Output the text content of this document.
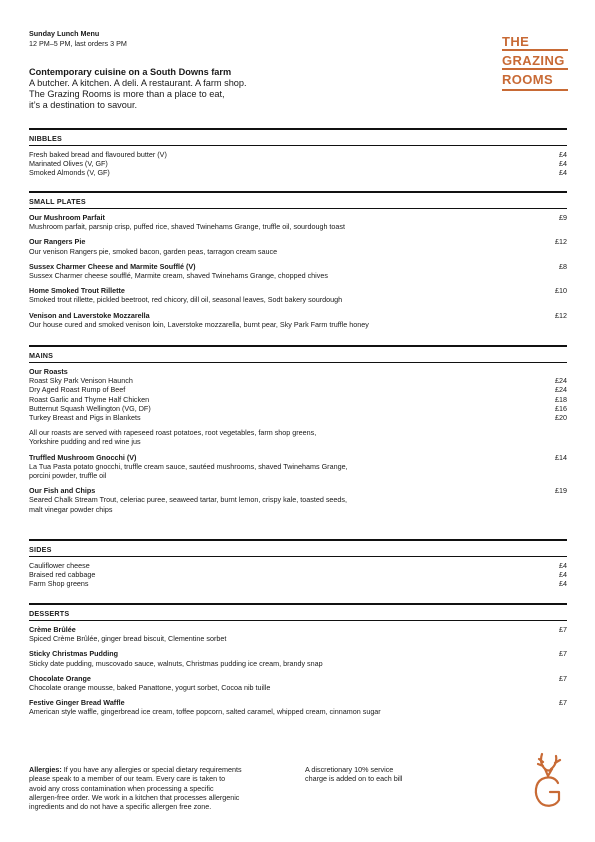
Sunday Lunch Menu
12 PM–5 PM, last orders 3 PM
Contemporary cuisine on a South Downs farm
A butcher. A kitchen. A deli. A restaurant. A farm shop.
The Grazing Rooms is more than a place to eat,
it’s a destination to savour.
THE
GRAZING
ROOMS
NIBBLES
Fresh baked bread and flavoured butter (V)	£4
Marinated Olives (V, GF)	£4
Smoked Almonds (V, GF)	£4
SMALL PLATES
Our Mushroom Parfait	£9
Mushroom parfait, parsnip crisp, puffed rice, shaved Twinehams Grange, truffle oil, sourdough toast
Our Rangers Pie	£12
Our venison Rangers pie, smoked bacon, garden peas, tarragon cream sauce
Sussex Charmer Cheese and Marmite Soufflé (V)	£8
Sussex Charmer cheese soufflé, Marmite cream, shaved Twinehams Grange, chopped chives
Home Smoked Trout Rillette	£10
Smoked trout rillette, pickled beetroot, red chicory, dill oil, seasonal leaves, Sodt bakery sourdough
Venison and Laverstoke Mozzarella	£12
Our house cured and smoked venison loin, Laverstoke mozzarella, burnt pear, Sky Park Farm truffle honey
MAINS
Our Roasts
Roast Sky Park Venison Haunch	£24
Dry Aged Roast Rump of Beef	£24
Roast Garlic and Thyme Half Chicken	£18
Butternut Squash Wellington (VG, DF)	£16
Turkey Breast and Pigs in Blankets	£20
All our roasts are served with rapeseed roast potatoes, root vegetables, farm shop greens,
Yorkshire pudding and red wine jus
Truffled Mushroom Gnocchi (V)	£14
La Tua Pasta potato gnocchi, truffle cream sauce, sautéed mushrooms, shaved Twinehams Grange,
porcini powder, truffle oil
Our Fish and Chips	£19
Seared Chalk Stream Trout, celeriac puree, seaweed tartar, burnt lemon, crispy kale, toasted seeds,
malt vinegar powder chips
SIDES
Cauliflower cheese	£4
Braised red cabbage	£4
Farm Shop greens	£4
DESSERTS
Crème Brûlée	£7
Spiced Crème Brûlée, ginger bread biscuit, Clementine sorbet
Sticky Christmas Pudding	£7
Sticky date pudding, muscovado sauce, walnuts, Christmas pudding ice cream, brandy snap
Chocolate Orange	£7
Chocolate orange mousse, baked Panattone, yogurt sorbet, Cocoa nib tuille
Festive Ginger Bread Waffle	£7
American style waffle, gingerbread ice cream, toffee popcorn, salted caramel, whipped cream, cinnamon sugar
Allergies: If you have any allergies or special dietary requirements
please speak to a member of our team. Every care is taken to
avoid any cross contamination when processing a specific
allergen-free order. We work in a kitchen that processes allergenic
ingredients and do not have a specific allergen free zone.
A discretionary 10% service
charge is added on to each bill
